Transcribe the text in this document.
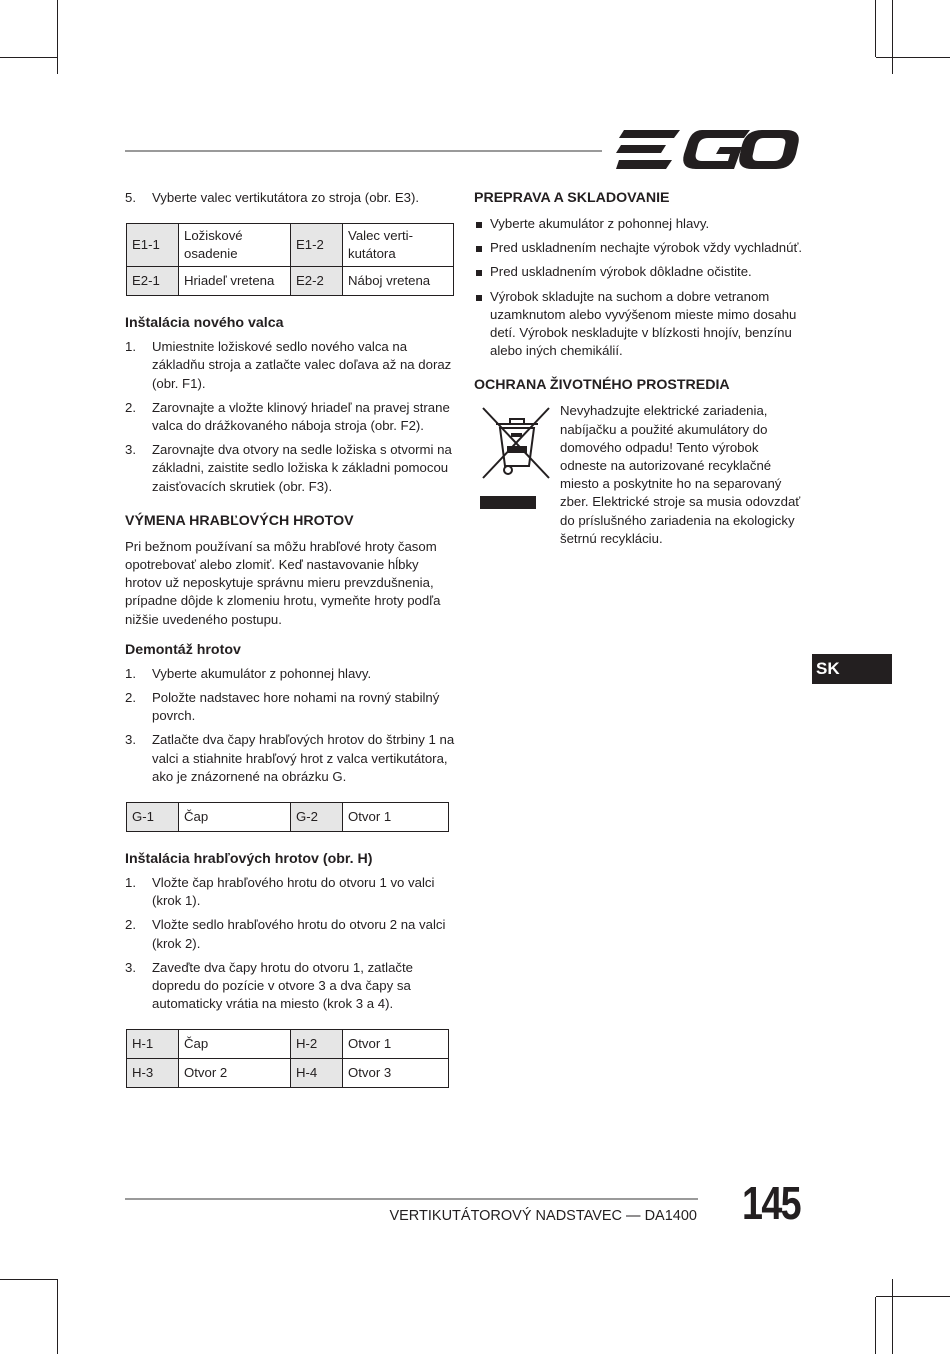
5. Vyberte valec vertikutátora zo stroja (obr. E3).
E1-1	Ložiskové osadenie	E1-2	Valec vertikutátora
E2-1	Hriadeľ vretena	E2-2	Náboj vretena
Inštalácia nového valca
1. Umiestnite ložiskové sedlo nového valca na základňu stroja a zatlačte valec doľava až na doraz (obr. F1).
2. Zarovnajte a vložte klinový hriadeľ na pravej strane valca do drážkovaného náboja stroja (obr. F2).
3. Zarovnajte dva otvory na sedle ložiska s otvormi na základni, zaistite sedlo ložiska k základni pomocou zaisťovacích skrutiek (obr. F3).
VÝMENA HRABĽOVÝCH HROTOV

Pri bežnom používaní sa môžu hrabľové hroty časom opotrebovať alebo zlomiť. Keď nastavovanie hĺbky hrotov už neposkytuje správnu mieru prevzdušnenia, prípadne dôjde k zlomeniu hrotu, vymeňte hroty podľa nižšie uvedeného postupu.

Demontáž hrotov
1. Vyberte akumulátor z pohonnej hlavy.
2. Položte nadstavec hore nohami na rovný stabilný povrch.
3. Zatlačte dva čapy hrabľových hrotov do štrbiny 1 na valci a stiahnite hrabľový hrot z valca vertikutátora, ako je znázornené na obrázku G.
G-1	Čap	G-2	Otvor 1
Inštalácia hrabľových hrotov (obr. H)
1. Vložte čap hrabľového hrotu do otvoru 1 vo valci (krok 1).
2. Vložte sedlo hrabľového hrotu do otvoru 2 na valci (krok 2).
3. Zaveďte dva čapy hrotu do otvoru 1, zatlačte dopredu do pozície v otvore 3 a dva čapy sa automaticky vrátia na miesto (krok 3 a 4).
H-1	Čap	H-2	Otvor 1
H-3	Otvor 2	H-4	Otvor 3
PREPRAVA A SKLADOVANIE
Vyberte akumulátor z pohonnej hlavy.
Pred uskladnením nechajte výrobok vždy vychladnúť.
Pred uskladnením výrobok dôkladne očistite.
Výrobok skladujte na suchom a dobre vetranom uzamknutom alebo vyvýšenom mieste mimo dosahu detí. Výrobok neskladujte v blízkosti hnojív, benzínu alebo iných chemikálií.
OCHRANA ŽIVOTNÉHO PROSTREDIA

Nevyhadzujte elektrické zariadenia, nabíjačku a použité akumulátory do domového odpadu! Tento výrobok odneste na autorizované recyklačné miesto a poskytnite ho na separovaný zber. Elektrické stroje sa musia odovzdať do príslušného zariadenia na ekologicky šetrnú recykláciu.

SK
VERTIKUTÁTOROVÝ NADSTAVEC — DA1400 145
